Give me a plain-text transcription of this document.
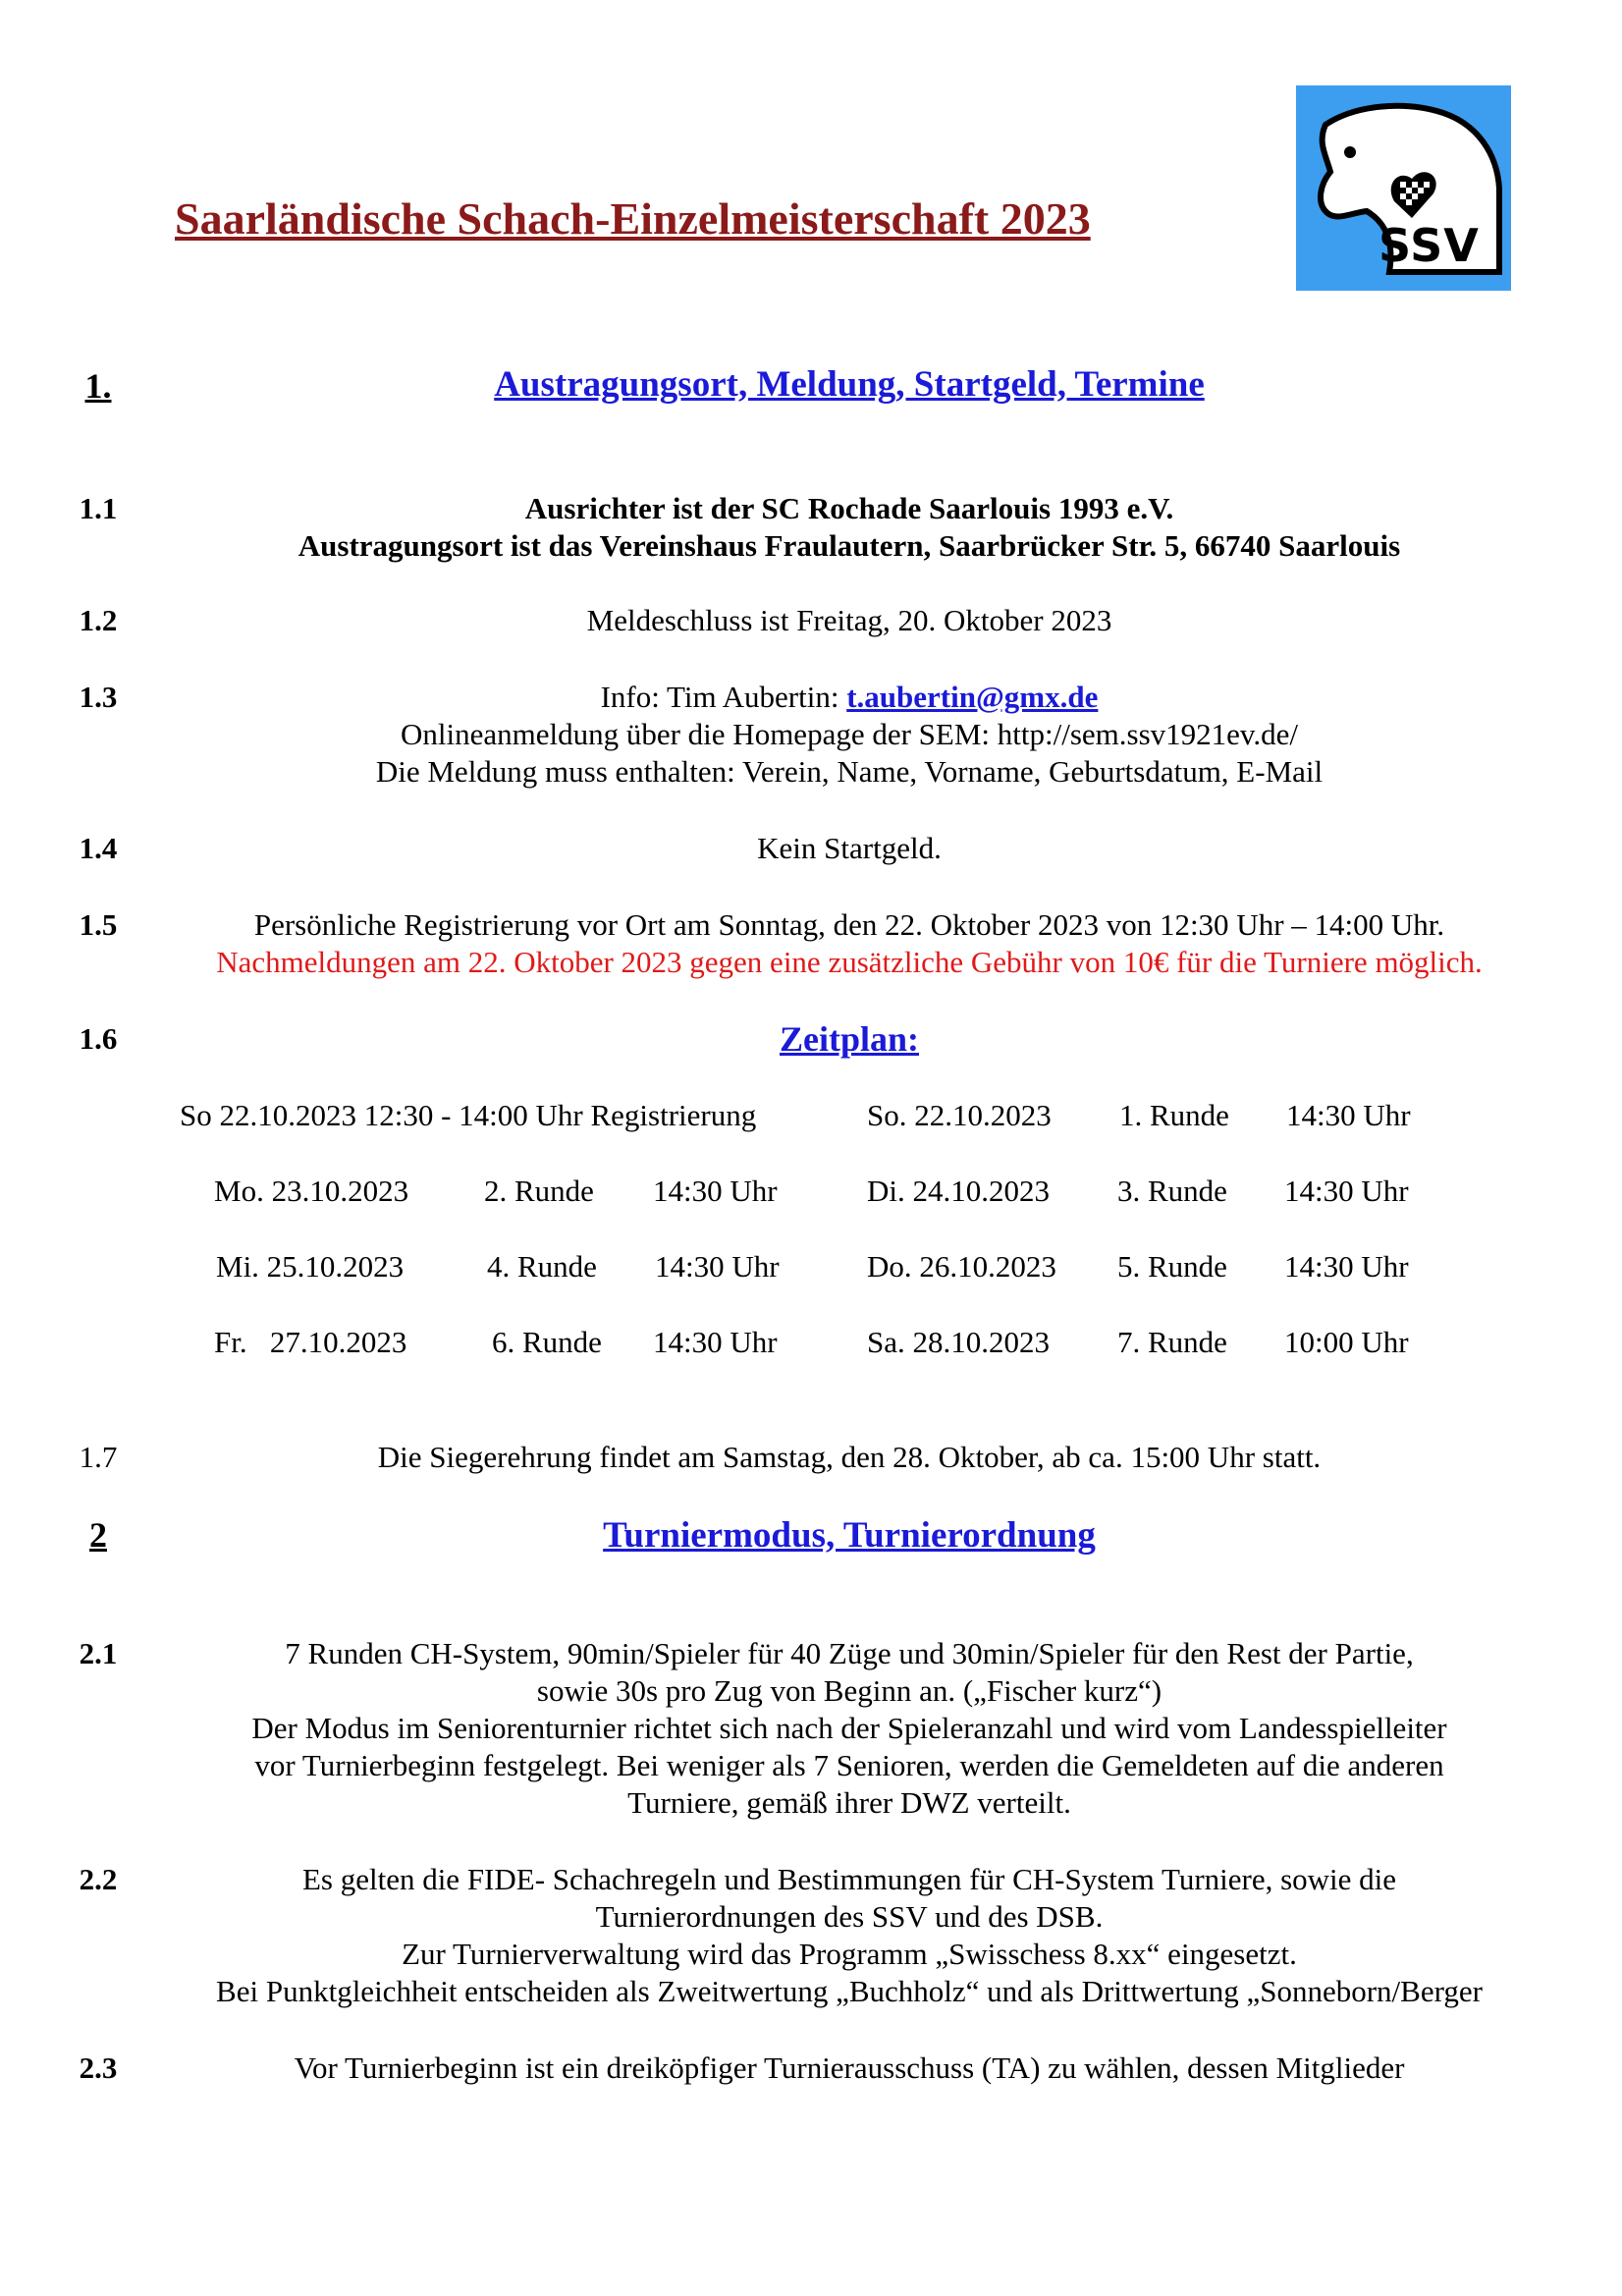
Saarländische Schach-Einzelmeisterschaft 2023
SSV
1.	Austragungsort, Meldung, Startgeld, Termine
1.1	Ausrichter ist der SC Rochade Saarlouis 1993 e.V.
Austragungsort ist das Vereinshaus Fraulautern, Saarbrücker Str. 5, 66740 Saarlouis
1.2	Meldeschluss ist Freitag, 20. Oktober 2023
1.3	Info: Tim Aubertin: t.aubertin@gmx.de
Onlineanmeldung über die Homepage der SEM: http://sem.ssv1921ev.de/
Die Meldung muss enthalten: Verein, Name, Vorname, Geburtsdatum, E-Mail
1.4	Kein Startgeld.
1.5	Persönliche Registrierung vor Ort am Sonntag, den 22. Oktober 2023 von 12:30 Uhr – 14:00 Uhr.
Nachmeldungen am 22. Oktober 2023 gegen eine zusätzliche Gebühr von 10€ für die Turniere möglich.
1.6	Zeitplan:
So 22.10.2023 12:30 - 14:00 Uhr Registrierung	So. 22.10.2023 1. Runde 14:30 Uhr
Mo. 23.10.2023 2. Runde 14:30 Uhr	Di. 24.10.2023 3. Runde 14:30 Uhr
Mi. 25.10.2023	4. Runde 14:30 Uhr	Do. 26.10.2023 5. Runde 14:30 Uhr
Fr.   27.10.2023	6. Runde 14:30 Uhr	Sa. 28.10.2023 7. Runde 10:00 Uhr
1.7	Die Siegerehrung findet am Samstag, den 28. Oktober, ab ca. 15:00 Uhr statt.
2	Turniermodus, Turnierordnung
2.1	7 Runden CH-System, 90min/Spieler für 40 Züge und 30min/Spieler für den Rest der Partie,
sowie 30s pro Zug von Beginn an. („Fischer kurz“)
Der Modus im Seniorenturnier richtet sich nach der Spieleranzahl und wird vom Landesspielleiter
vor Turnierbeginn festgelegt. Bei weniger als 7 Senioren, werden die Gemeldeten auf die anderen
Turniere, gemäß ihrer DWZ verteilt.
2.2	Es gelten die FIDE- Schachregeln und Bestimmungen für CH-System Turniere, sowie die
Turnierordnungen des SSV und des DSB.
Zur Turnierverwaltung wird das Programm „Swisschess 8.xx“ eingesetzt.
Bei Punktgleichheit entscheiden als Zweitwertung „Buchholz“ und als Drittwertung „Sonneborn/Berger
2.3	Vor Turnierbeginn ist ein dreiköpfiger Turnierausschuss (TA) zu wählen, dessen Mitglieder
